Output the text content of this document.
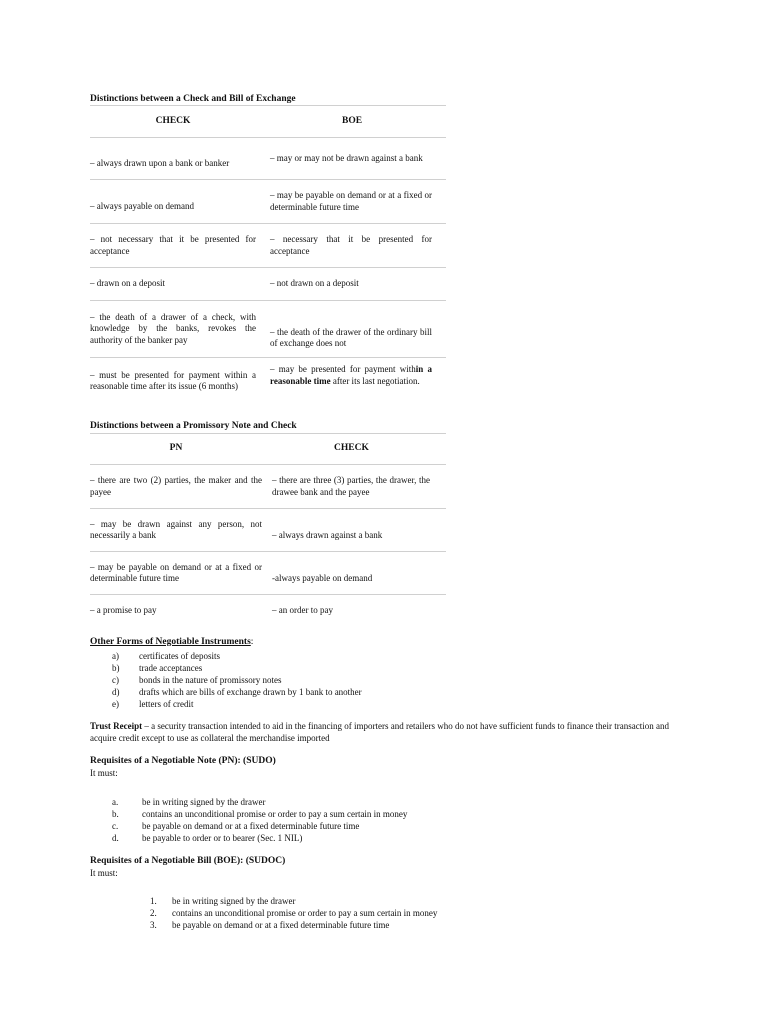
Distinctions between a Check and Bill of Exchange
CHECK		BOE
– always drawn upon a bank or banker		– may or may not be drawn against a bank
– always payable on demand		– may be payable on demand or at a fixed or determinable future time
– not necessary that it be presented for acceptance		– necessary that it be presented for acceptance
– drawn on a deposit		– not drawn on a deposit
– the death of a drawer of a check, with knowledge by the banks, revokes the authority of the banker pay		– the death of the drawer of the ordinary bill of exchange does not
– must be presented for payment within a reasonable time after its issue (6 months)		– may be presented for payment within a reasonable time after its last negotiation.
Distinctions between a Promissory Note and Check
PN		CHECK
– there are two (2) parties, the maker and the payee		– there are three (3) parties, the drawer, the drawee bank and the payee
– may be drawn against any person, not necessarily a bank		– always drawn against a bank
– may be payable on demand or at a fixed or determinable future time		-always payable on demand
– a promise to pay		– an order to pay
Other Forms of Negotiable Instruments:
a) certificates of deposits
b) trade acceptances
c) bonds in the nature of promissory notes
d) drafts which are bills of exchange drawn by 1 bank to another
e) letters of credit
Trust Receipt – a security transaction intended to aid in the financing of importers and retailers who do not have sufficient funds to finance their transaction and acquire credit except to use as collateral the merchandise imported
Requisites of a Negotiable Note (PN): (SUDO)
It must:
a.	be in writing signed by the drawer
b.	contains an unconditional promise or order to pay a sum certain in money
c.	be payable on demand or at a fixed determinable future time
d.	be payable to order or to bearer (Sec. 1 NIL)
Requisites of a Negotiable Bill (BOE): (SUDOC)
It must:
1. be in writing signed by the drawer
2. contains an unconditional promise or order to pay a sum certain in money
3. be payable on demand or at a fixed determinable future time
